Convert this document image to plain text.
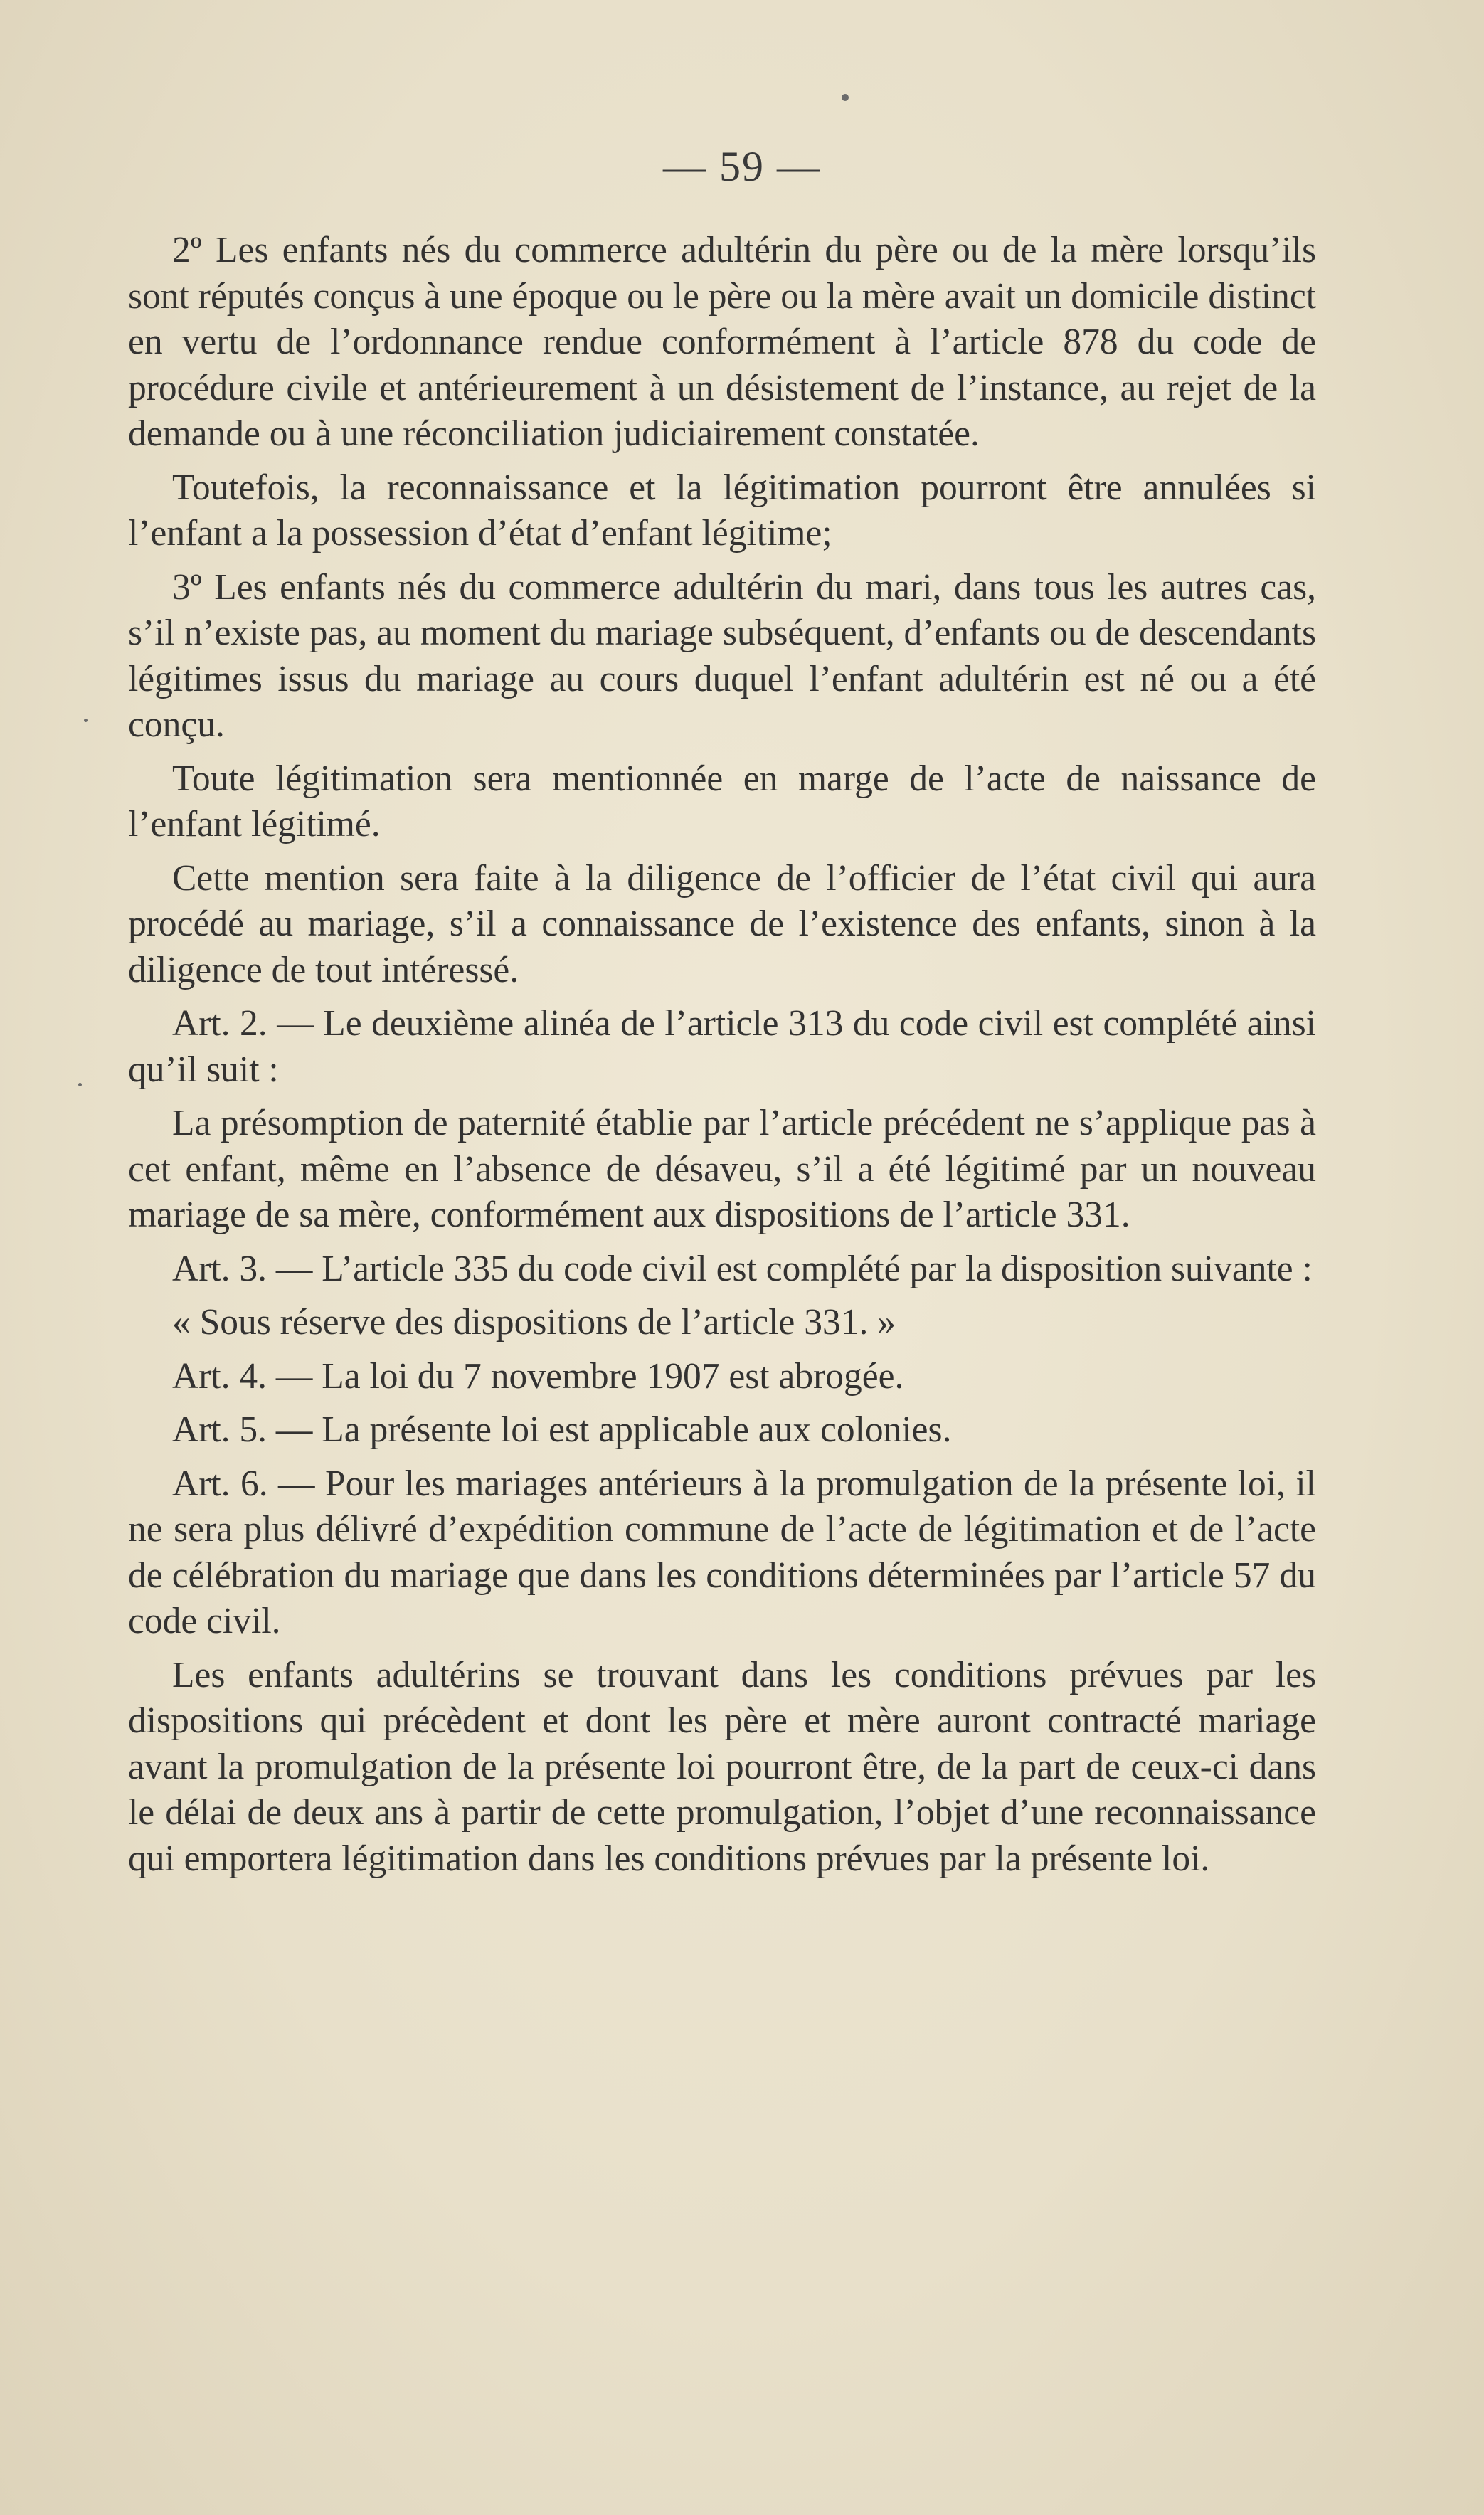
— 59 —

2º Les enfants nés du commerce adultérin du père ou de la mère lorsqu’ils sont réputés conçus à une époque ou le père ou la mère avait un domicile distinct en vertu de l’ordonnance rendue conformément à l’article 878 du code de procédure civile et antérieurement à un désistement de l’instance, au rejet de la demande ou à une réconciliation judiciairement constatée.

Toutefois, la reconnaissance et la légitimation pourront être annulées si l’enfant a la possession d’état d’enfant légitime;

3º Les enfants nés du commerce adultérin du mari, dans tous les autres cas, s’il n’existe pas, au moment du mariage subséquent, d’enfants ou de descendants légitimes issus du mariage au cours duquel l’enfant adultérin est né ou a été conçu.

Toute légitimation sera mentionnée en marge de l’acte de naissance de l’enfant légitimé.

Cette mention sera faite à la diligence de l’officier de l’état civil qui aura procédé au mariage, s’il a connaissance de l’existence des enfants, sinon à la diligence de tout intéressé.

Art. 2. — Le deuxième alinéa de l’article 313 du code civil est complété ainsi qu’il suit :

La présomption de paternité établie par l’article précédent ne s’applique pas à cet enfant, même en l’absence de désaveu, s’il a été légitimé par un nouveau mariage de sa mère, conformément aux dispositions de l’article 331.

Art. 3. — L’article 335 du code civil est complété par la disposition suivante :

« Sous réserve des dispositions de l’article 331. »

Art. 4. — La loi du 7 novembre 1907 est abrogée.

Art. 5. — La présente loi est applicable aux colonies.

Art. 6. — Pour les mariages antérieurs à la promulgation de la présente loi, il ne sera plus délivré d’expédition commune de l’acte de légitimation et de l’acte de célébration du mariage que dans les conditions déterminées par l’article 57 du code civil.

Les enfants adultérins se trouvant dans les conditions prévues par les dispositions qui précèdent et dont les père et mère auront contracté mariage avant la promulgation de la présente loi pourront être, de la part de ceux-ci dans le délai de deux ans à partir de cette promulgation, l’objet d’une reconnaissance qui emportera légitimation dans les conditions prévues par la présente loi.
